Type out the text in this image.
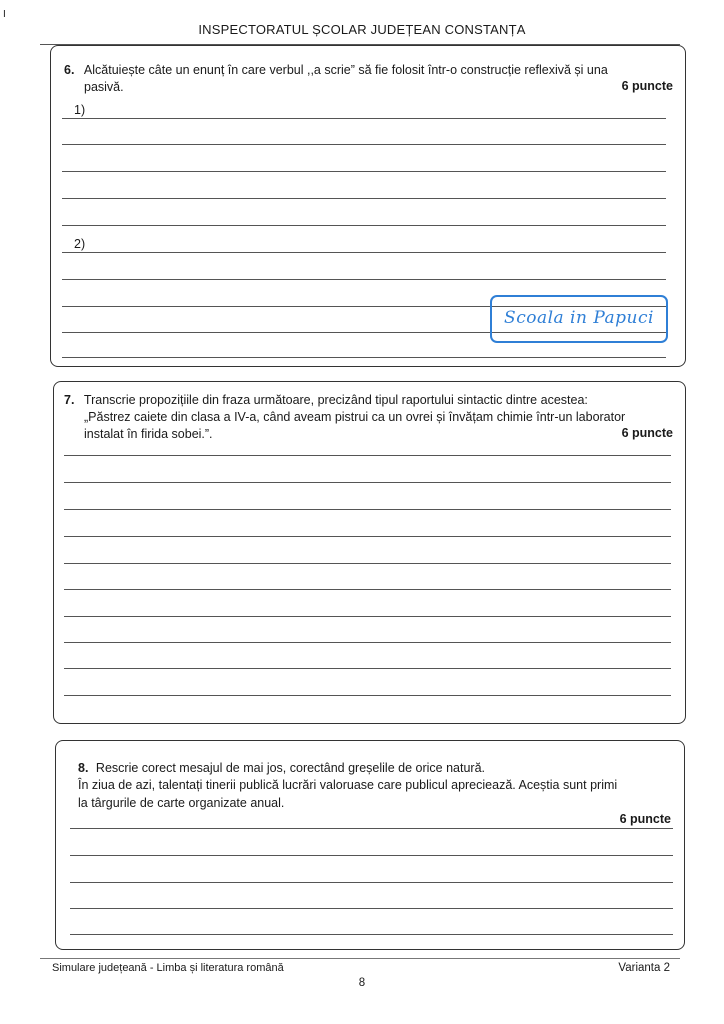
I
INSPECTORATUL ȘCOLAR JUDEȚEAN CONSTANȚA
6. Alcătuiește câte un enunț în care verbul ,,a scrie” să fie folosit într-o construcție reflexivă și una
pasivă.	6 puncte
1)
2)
Scoala in Papuci
7. Transcrie propozițiile din fraza următoare, precizând tipul raportului sintactic dintre acestea:
„Păstrez caiete din clasa a IV-a, când aveam pistrui ca un ovrei și învățam chimie într-un laborator
instalat în firida sobei.”.	6 puncte
8. Rescrie corect mesajul de mai jos, corectând greșelile de orice natură.
În ziua de azi, talentați tinerii publică lucrări valoruase care publicul apreciează. Aceștia sunt primi
la târgurile de carte organizate anual.
6 puncte
Simulare județeană - Limba și literatura română	Varianta 2
8
